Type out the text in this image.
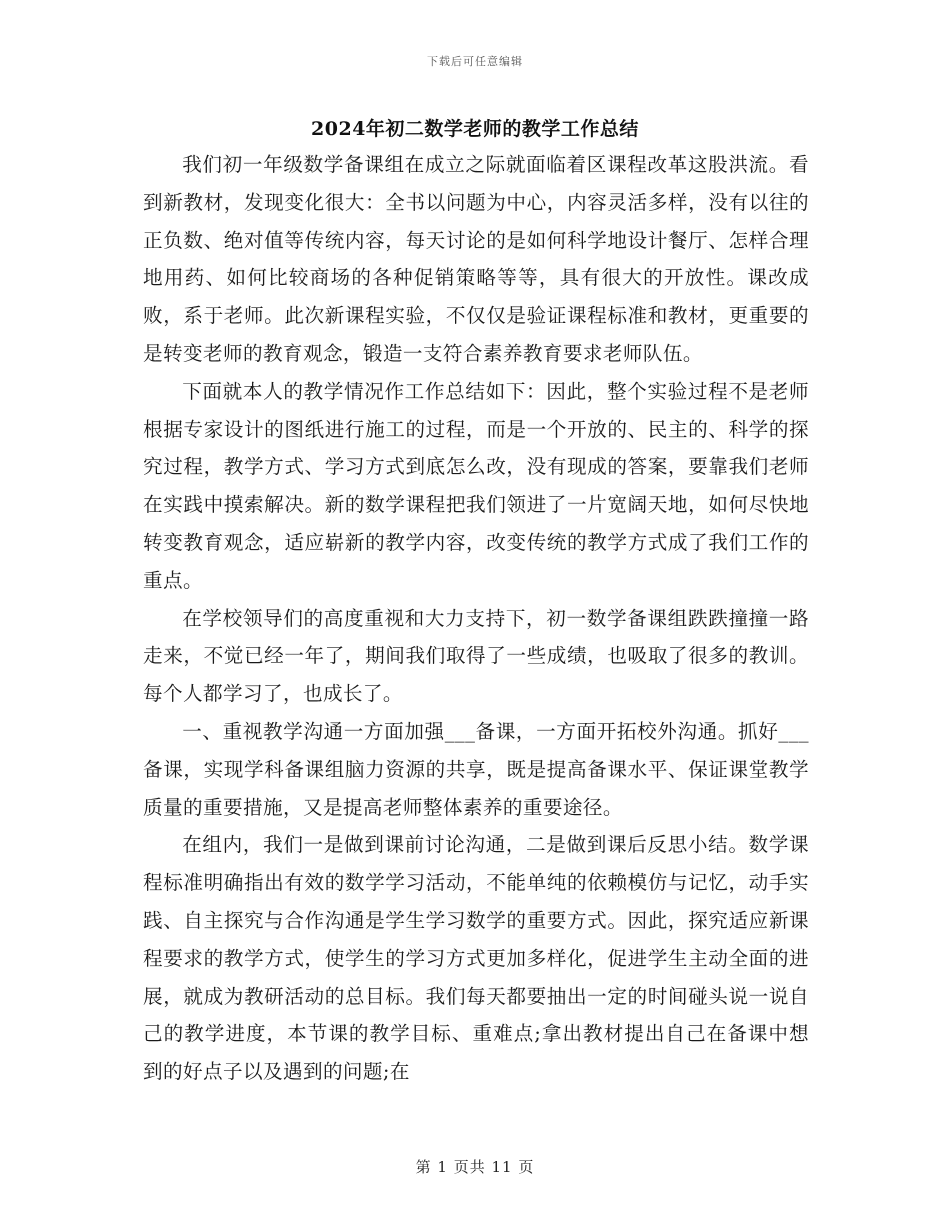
下载后可任意编辑
2024年初二数学老师的教学工作总结

我们初一年级数学备课组在成立之际就面临着区课程改革这股洪流。看到新教材，发现变化很大：全书以问题为中心，内容灵活多样，没有以往的正负数、绝对值等传统内容，每天讨论的是如何科学地设计餐厅、怎样合理地用药、如何比较商场的各种促销策略等等，具有很大的开放性。课改成败，系于老师。此次新课程实验，不仅仅是验证课程标准和教材，更重要的是转变老师的教育观念，锻造一支符合素养教育要求老师队伍。

下面就本人的教学情况作工作总结如下：因此，整个实验过程不是老师根据专家设计的图纸进行施工的过程，而是一个开放的、民主的、科学的探究过程，教学方式、学习方式到底怎么改，没有现成的答案，要靠我们老师在实践中摸索解决。新的数学课程把我们领进了一片宽阔天地，如何尽快地转变教育观念，适应崭新的教学内容，改变传统的教学方式成了我们工作的重点。

在学校领导们的高度重视和大力支持下，初一数学备课组跌跌撞撞一路走来，不觉已经一年了，期间我们取得了一些成绩，也吸取了很多的教训。每个人都学习了，也成长了。

一、重视教学沟通一方面加强___备课，一方面开拓校外沟通。抓好___备课，实现学科备课组脑力资源的共享，既是提高备课水平、保证课堂教学质量的重要措施，又是提高老师整体素养的重要途径。

在组内，我们一是做到课前讨论沟通，二是做到课后反思小结。数学课程标准明确指出有效的数学学习活动，不能单纯的依赖模仿与记忆，动手实践、自主探究与合作沟通是学生学习数学的重要方式。因此，探究适应新课程要求的教学方式，使学生的学习方式更加多样化，促进学生主动全面的进展，就成为教研活动的总目标。我们每天都要抽出一定的时间碰头说一说自己的教学进度，本节课的教学目标、重难点;拿出教材提出自己在备课中想到的好点子以及遇到的问题;在

第 1 页共 11 页
